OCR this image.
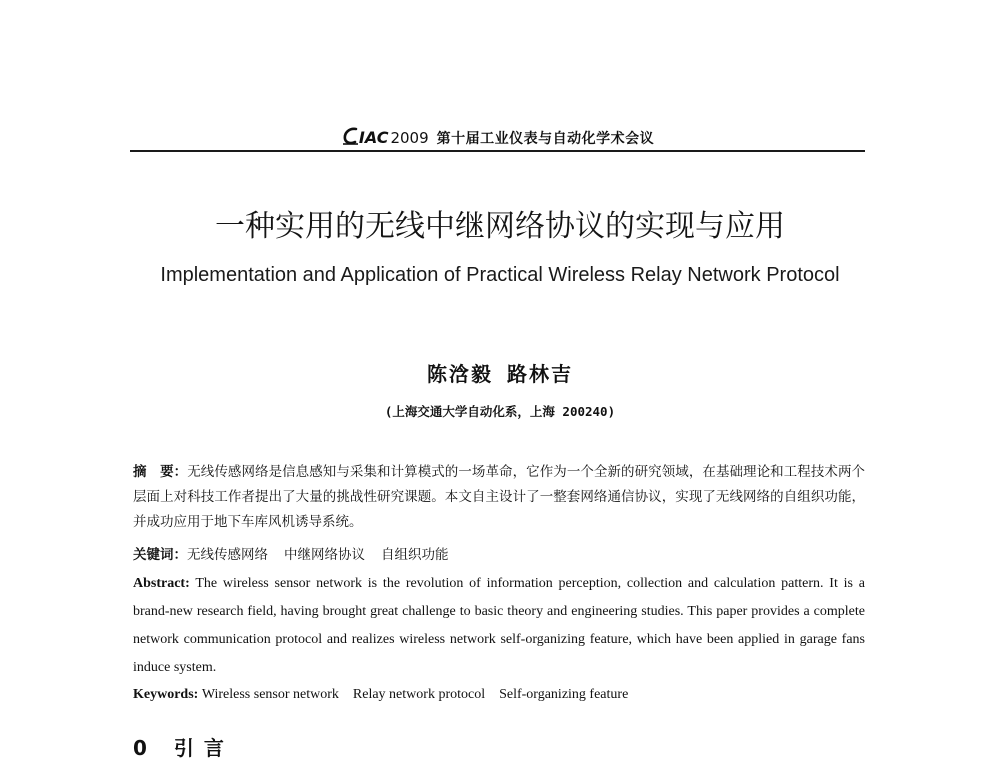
IAC 2009 第十届工业仪表与自动化学术会议
一种实用的无线中继网络协议的实现与应用
Implementation and Application of Practical Wireless Relay Network Protocol
陈浛毅 路林吉
(上海交通大学自动化系，上海 200240)
摘　要：无线传感网络是信息感知与采集和计算模式的一场革命，它作为一个全新的研究领域，在基础理论和工程技术两个层面上对科技工作者提出了大量的挑战性研究课题。本文自主设计了一整套网络通信协议，实现了无线网络的自组织功能，并成功应用于地下车库风机诱导系统。
关键词：无线传感网络 中继网络协议 自组织功能
Abstract: The wireless sensor network is the revolution of information perception, collection and calculation pattern. It is a brand-new research field, having brought great challenge to basic theory and engineering studies. This paper provides a complete network communication protocol and realizes wireless network self-organizing feature, which have been applied in garage fans induce system.
Keywords: Wireless sensor network Relay network protocol Self-organizing feature
0 引言
